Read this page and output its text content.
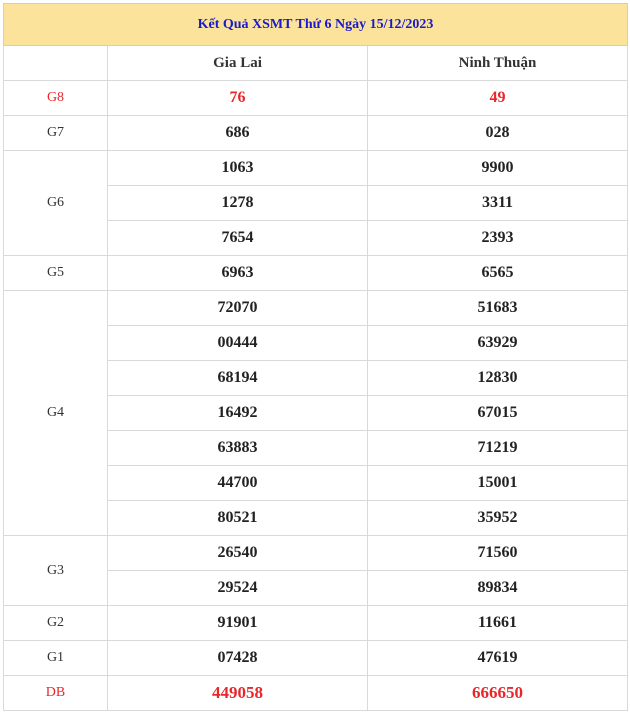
Kết Quả XSMT Thứ 6 Ngày 15/12/2023		
	Gia Lai	Ninh Thuận
G8	76	49
G7	686	028
G6	1063	9900
	1278	3311
	7654	2393
G5	6963	6565
G4	72070	51683
	00444	63929
	68194	12830
	16492	67015
	63883	71219
	44700	15001
	80521	35952
G3	26540	71560
	29524	89834
G2	91901	11661
G1	07428	47619
DB	449058	666650
